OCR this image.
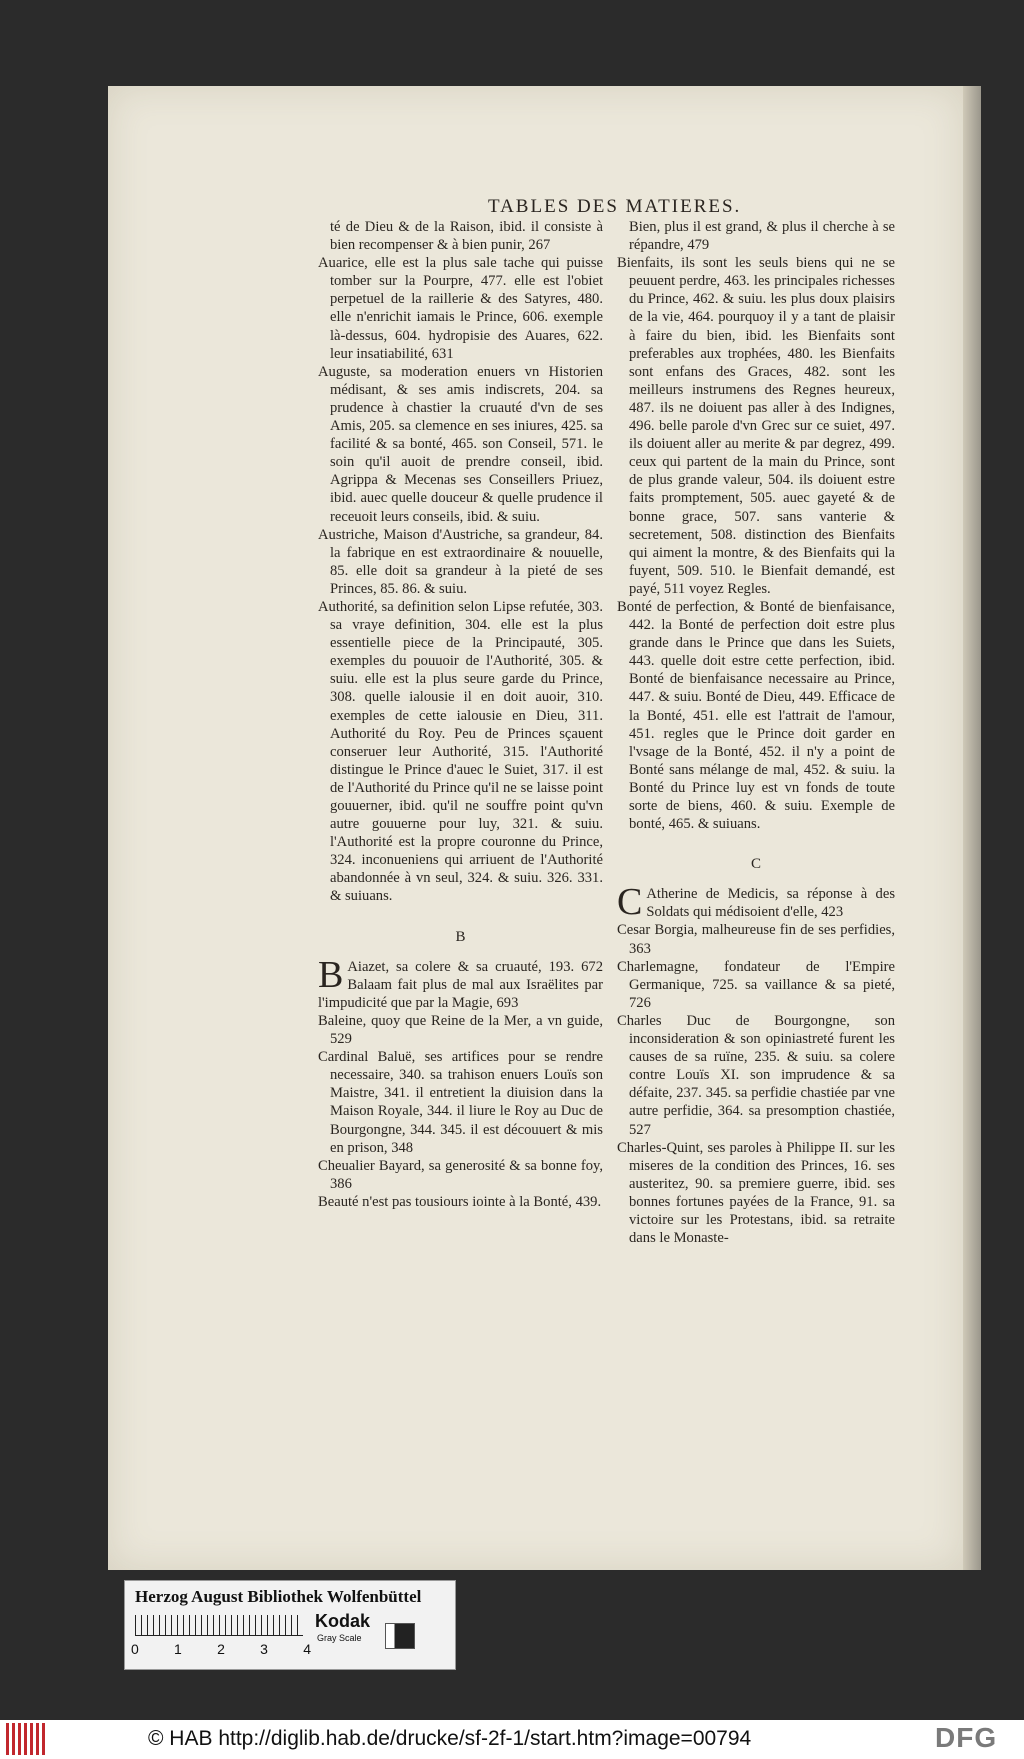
TABLES DES MATIERES.

té de Dieu & de la Raison, ibid. il consiste à bien recompenser & à bien punir, 267

Auarice, elle est la plus sale tache qui puisse tomber sur la Pourpre, 477. elle est l'obiet perpetuel de la raillerie & des Satyres, 480. elle n'enrichit iamais le Prince, 606. exemple là-dessus, 604. hydropisie des Auares, 622. leur insatiabilité, 631

Auguste, sa moderation enuers vn Historien médisant, & ses amis indiscrets, 204. sa prudence à chastier la cruauté d'vn de ses Amis, 205. sa clemence en ses iniures, 425. sa facilité & sa bonté, 465. son Conseil, 571. le soin qu'il auoit de prendre conseil, ibid. Agrippa & Mecenas ses Conseillers Priuez, ibid. auec quelle douceur & quelle prudence il receuoit leurs conseils, ibid. & suiu.

Austriche, Maison d'Austriche, sa grandeur, 84. la fabrique en est extraordinaire & nouuelle, 85. elle doit sa grandeur à la pieté de ses Princes, 85. 86. & suiu.

Authorité, sa definition selon Lipse refutée, 303. sa vraye definition, 304. elle est la plus essentielle piece de la Principauté, 305. exemples du pouuoir de l'Authorité, 305. & suiu. elle est la plus seure garde du Prince, 308. quelle ialousie il en doit auoir, 310. exemples de cette ialousie en Dieu, 311. Authorité du Roy. Peu de Princes sçauent conseruer leur Authorité, 315. l'Authorité distingue le Prince d'auec le Suiet, 317. il est de l'Authorité du Prince qu'il ne se laisse point gouuerner, ibid. qu'il ne souffre point qu'vn autre gouuerne pour luy, 321. & suiu. l'Authorité est la propre couronne du Prince, 324. inconueniens qui arriuent de l'Authorité abandonnée à vn seul, 324. & suiu. 326. 331. & suiuans.

B

B Aiazet, sa colere & sa cruauté, 193. 672 Balaam fait plus de mal aux Israëlites par l'impudicité que par la Magie, 693

Baleine, quoy que Reine de la Mer, a vn guide, 529

Cardinal Baluë, ses artifices pour se rendre necessaire, 340. sa trahison enuers Louïs son Maistre, 341. il entretient la diuision dans la Maison Royale, 344. il liure le Roy au Duc de Bourgongne, 344. 345. il est découuert & mis en prison, 348

Cheualier Bayard, sa generosité & sa bonne foy, 386

Beauté n'est pas tousiours iointe à la Bonté, 439.

Bien, plus il est grand, & plus il cherche à se répandre, 479

Bienfaits, ils sont les seuls biens qui ne se peuuent perdre, 463. les principales richesses du Prince, 462. & suiu. les plus doux plaisirs de la vie, 464. pourquoy il y a tant de plaisir à faire du bien, ibid. les Bienfaits sont preferables aux trophées, 480. les Bienfaits sont enfans des Graces, 482. sont les meilleurs instrumens des Regnes heureux, 487. ils ne doiuent pas aller à des Indignes, 496. belle parole d'vn Grec sur ce suiet, 497. ils doiuent aller au merite & par degrez, 499. ceux qui partent de la main du Prince, sont de plus grande valeur, 504. ils doiuent estre faits promptement, 505. auec gayeté & de bonne grace, 507. sans vanterie & secretement, 508. distinction des Bienfaits qui aiment la montre, & des Bienfaits qui la fuyent, 509. 510. le Bienfait demandé, est payé, 511 voyez Regles.

Bonté de perfection, & Bonté de bienfaisance, 442. la Bonté de perfection doit estre plus grande dans le Prince que dans les Suiets, 443. quelle doit estre cette perfection, ibid. Bonté de bienfaisance necessaire au Prince, 447. & suiu. Bonté de Dieu, 449. Efficace de la Bonté, 451. elle est l'attrait de l'amour, 451. regles que le Prince doit garder en l'vsage de la Bonté, 452. il n'y a point de Bonté sans mélange de mal, 452. & suiu. la Bonté du Prince luy est vn fonds de toute sorte de biens, 460. & suiu. Exemple de bonté, 465. & suiuans.

C

C Atherine de Medicis, sa réponse à des Soldats qui médisoient d'elle, 423

Cesar Borgia, malheureuse fin de ses perfidies, 363

Charlemagne, fondateur de l'Empire Germanique, 725. sa vaillance & sa pieté, 726

Charles Duc de Bourgongne, son inconsideration & son opiniastreté furent les causes de sa ruïne, 235. & suiu. sa colere contre Louïs XI. son imprudence & sa défaite, 237. 345. sa perfidie chastiée par vne autre perfidie, 364. sa presomption chastiée, 527

Charles-Quint, ses paroles à Philippe II. sur les miseres de la condition des Princes, 16. ses austeritez, 90. sa premiere guerre, ibid. ses bonnes fortunes payées de la France, 91. sa victoire sur les Protestans, ibid. sa retraite dans le Monaste-

Herzog August Bibliothek Wolfenbüttel
0	1	2	3	4
Kodak
Gray Scale
© HAB http://diglib.hab.de/drucke/sf-2f-1/start.htm?image=00794	DFG
